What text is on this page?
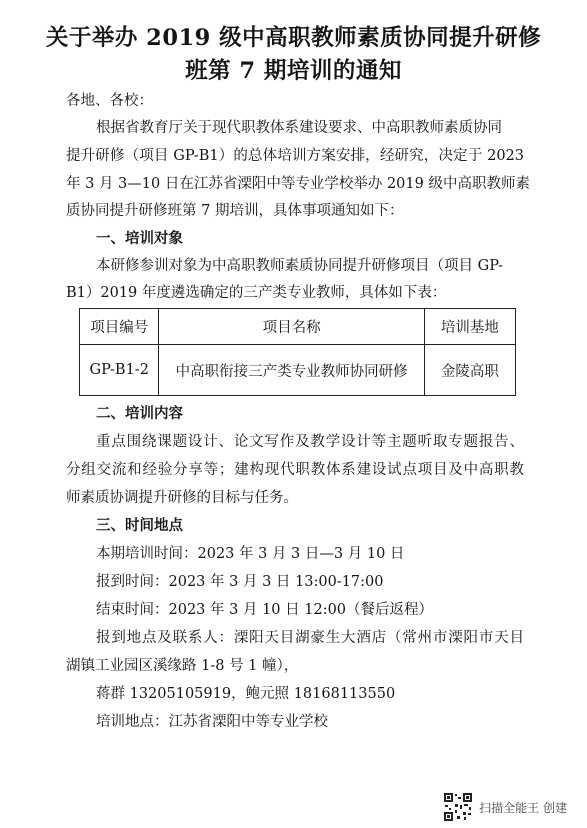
关于举办 2019 级中高职教师素质协同提升研修
班第 7 期培训的通知
各地、各校：
根据省教育厅关于现代职教体系建设要求、中高职教师素质协同
提升研修（项目 GP-B1）的总体培训方案安排，经研究，决定于 2023
年 3 月 3—10 日在江苏省溧阳中等专业学校举办 2019 级中高职教师素
质协同提升研修班第 7 期培训，具体事项通知如下：
一、培训对象
本研修参训对象为中高职教师素质协同提升研修项目（项目 GP-
B1）2019 年度遴选确定的三产类专业教师，具体如下表：
项目编号	项目名称	培训基地
GP-B1-2	中高职衔接三产类专业教师协同研修	金陵高职
二、培训内容
重点围绕课题设计、论文写作及教学设计等主题听取专题报告、
分组交流和经验分享等；建构现代职教体系建设试点项目及中高职教
师素质协调提升研修的目标与任务。
三、时间地点
本期培训时间：2023 年 3 月 3 日—3 月 10 日
报到时间：2023 年 3 月 3 日 13:00-17:00
结束时间：2023 年 3 月 10 日 12:00（餐后返程）
报到地点及联系人：溧阳天目湖豪生大酒店（常州市溧阳市天目
湖镇工业园区溪缘路 1-8 号 1 幢），
蒋群 13205105919，鲍元照 18168113550
培训地点：江苏省溧阳中等专业学校
扫描全能王 创建
